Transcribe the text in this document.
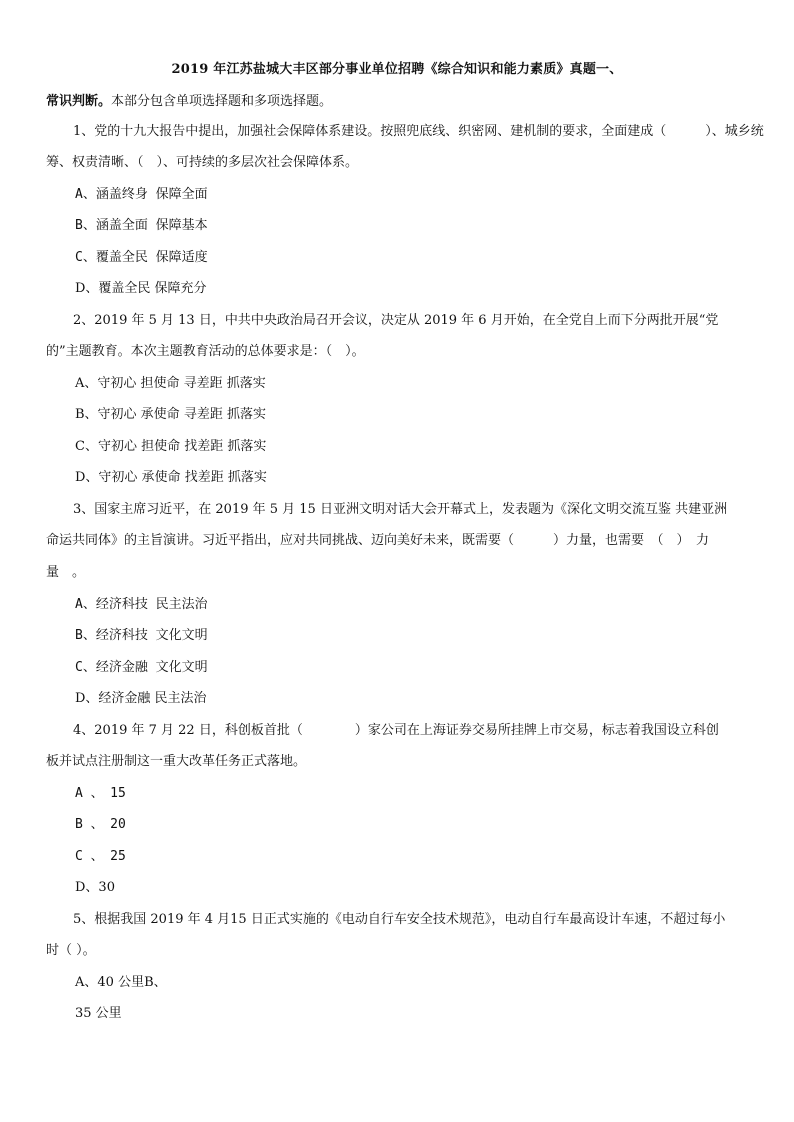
2019 年江苏盐城大丰区部分事业单位招聘《综合知识和能力素质》真题一、
常识判断。本部分包含单项选择题和多项选择题。
1、党的十九大报告中提出，加强社会保障体系建设。按照兜底线、织密网、建机制的要求，全面建成（　　　）、城乡统
筹、权责清晰、（　）、可持续的多层次社会保障体系。
A、涵盖终身 保障全面
B、涵盖全面 保障基本
C、覆盖全民 保障适度
D、覆盖全民 保障充分
2、2019 年 5 月 13 日，中共中央政治局召开会议，决定从 2019 年 6 月开始，在全党自上而下分两批开展“党
的”主题教育。本次主题教育活动的总体要求是：（　）。
A、守初心 担使命 寻差距 抓落实
B、守初心 承使命 寻差距 抓落实
C、守初心 担使命 找差距 抓落实
D、守初心 承使命 找差距 抓落实
3、国家主席习近平，在 2019 年 5 月 15 日亚洲文明对话大会开幕式上，发表题为《深化文明交流互鉴 共建亚洲
命运共同体》的主旨演讲。习近平指出，应对共同挑战、迈向美好未来，既需要（　　　）力量，也需要　（　）　力
量　。
A、经济科技 民主法治
B、经济科技 文化文明
C、经济金融 文化文明
D、经济金融 民主法治
4、2019 年 7 月 22 日，科创板首批（　　　　）家公司在上海证券交易所挂牌上市交易，标志着我国设立科创
板并试点注册制这一重大改革任务正式落地。
A 、　15
B 、　20
C 、　25
D、30
5、根据我国 2019 年 4 月15 日正式实施的《电动自行车安全技术规范》，电动自行车最高设计车速，不超过每小
时（ ）。
A、40 公里B、
35 公里
